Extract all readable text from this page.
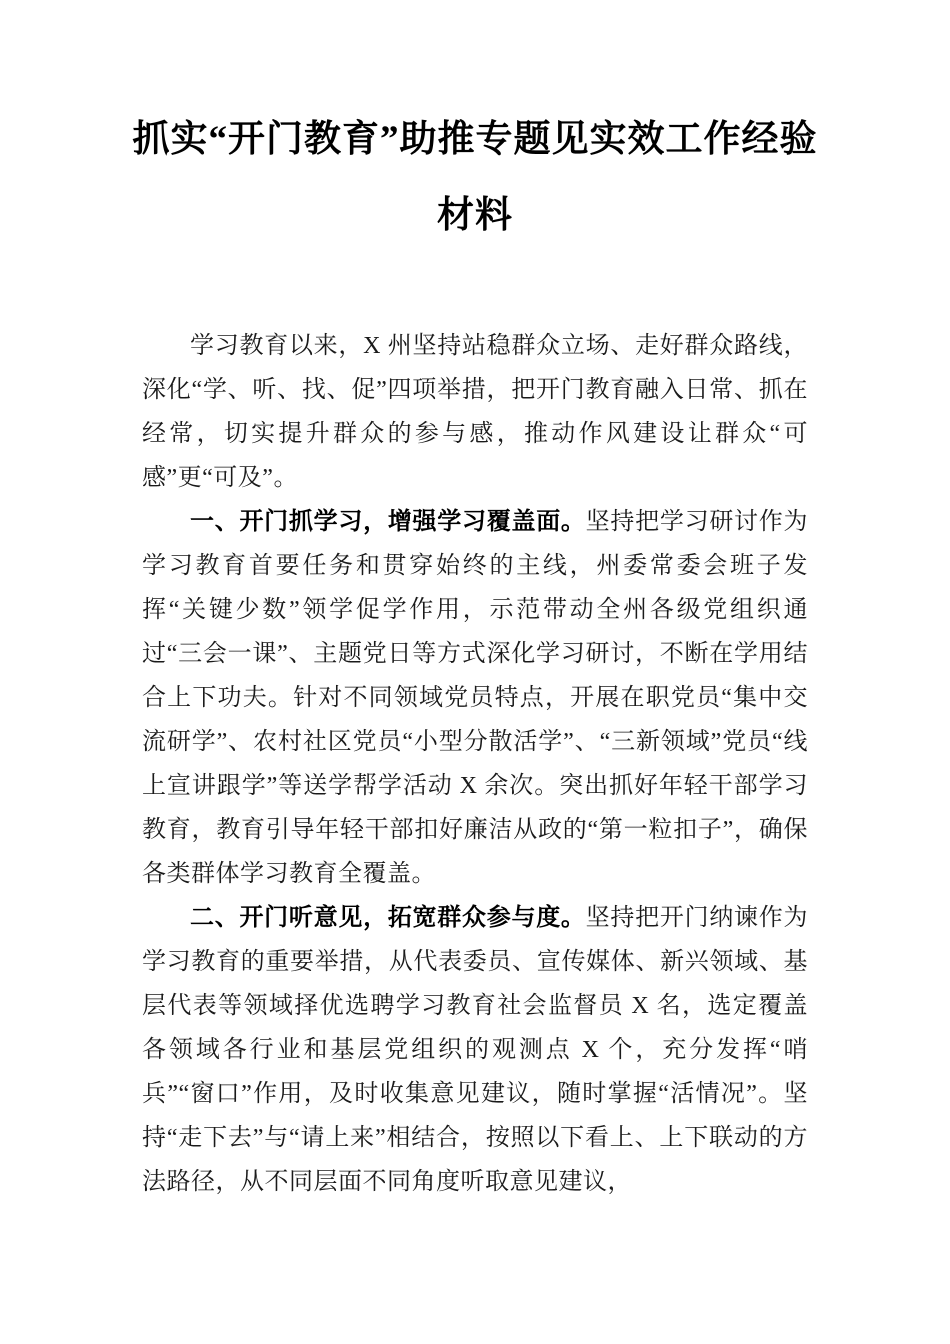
抓实“开门教育”助推专题见实效工作经验材料

学习教育以来，X 州坚持站稳群众立场、走好群众路线，深化“学、听、找、促”四项举措，把开门教育融入日常、抓在经常，切实提升群众的参与感，推动作风建设让群众“可感”更“可及”。

一、开门抓学习，增强学习覆盖面。坚持把学习研讨作为学习教育首要任务和贯穿始终的主线，州委常委会班子发挥“关键少数”领学促学作用，示范带动全州各级党组织通过“三会一课”、主题党日等方式深化学习研讨，不断在学用结合上下功夫。针对不同领域党员特点，开展在职党员“集中交流研学”、农村社区党员“小型分散活学”、“三新领域”党员“线上宣讲跟学”等送学帮学活动 X 余次。突出抓好年轻干部学习教育，教育引导年轻干部扣好廉洁从政的“第一粒扣子”，确保各类群体学习教育全覆盖。

二、开门听意见，拓宽群众参与度。坚持把开门纳谏作为学习教育的重要举措，从代表委员、宣传媒体、新兴领域、基层代表等领域择优选聘学习教育社会监督员 X 名，选定覆盖各领域各行业和基层党组织的观测点 X 个，充分发挥“哨兵”“窗口”作用，及时收集意见建议，随时掌握“活情况”。坚持“走下去”与“请上来”相结合，按照以下看上、上下联动的方法路径，从不同层面不同角度听取意见建议，
